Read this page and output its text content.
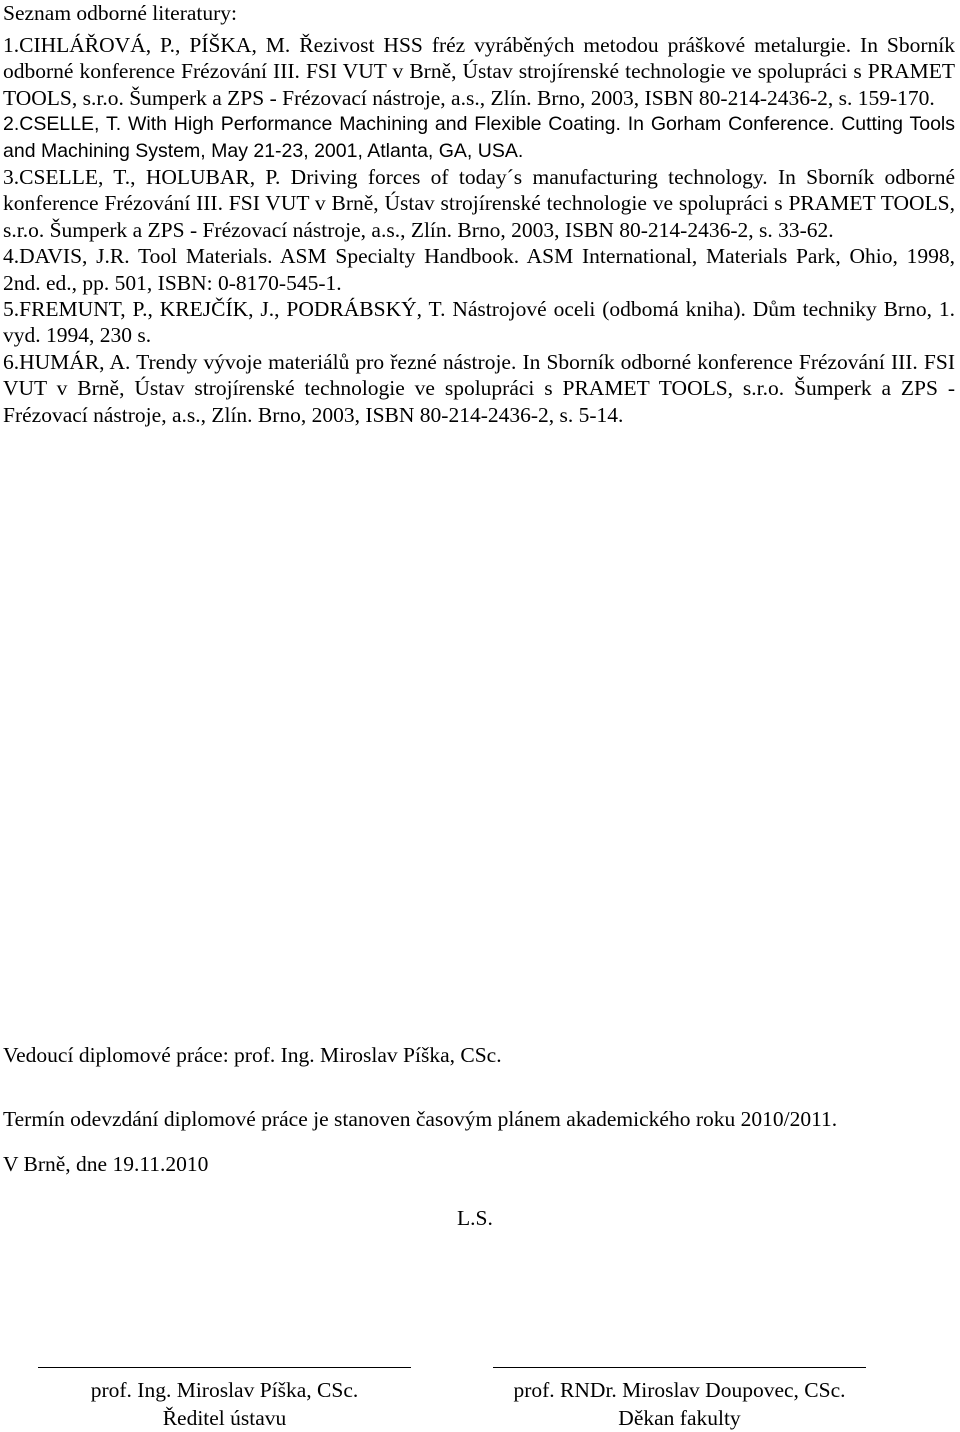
Seznam odborné literatury:
1.CIHLÁŘOVÁ, P., PÍŠKA, M. Řezivost HSS fréz vyráběných metodou práškové metalurgie. In Sborník odborné konference Frézování III. FSI VUT v Brně, Ústav strojírenské technologie ve spolupráci s PRAMET TOOLS, s.r.o. Šumperk a ZPS - Frézovací nástroje, a.s., Zlín. Brno, 2003, ISBN 80-214-2436-2, s. 159-170.
2.CSELLE, T. With High Performance Machining and Flexible Coating. In Gorham Conference. Cutting Tools and Machining System, May 21-23, 2001, Atlanta, GA, USA.
3.CSELLE, T., HOLUBAR, P. Driving forces of today´s manufacturing technology. In Sborník odborné konference Frézování III. FSI VUT v Brně, Ústav strojírenské technologie ve spolupráci s PRAMET TOOLS, s.r.o. Šumperk a ZPS - Frézovací nástroje, a.s., Zlín. Brno, 2003, ISBN 80-214-2436-2, s. 33-62.
4.DAVIS, J.R. Tool Materials. ASM Specialty Handbook. ASM International, Materials Park, Ohio, 1998, 2nd. ed., pp. 501, ISBN: 0-8170-545-1.
5.FREMUNT, P., KREJČÍK, J., PODRÁBSKÝ, T. Nástrojové oceli (odbomá kniha). Dům techniky Brno, 1. vyd. 1994, 230 s.
6.HUMÁR, A. Trendy vývoje materiálů pro řezné nástroje. In Sborník odborné konference Frézování III. FSI VUT v Brně, Ústav strojírenské technologie ve spolupráci s PRAMET TOOLS, s.r.o. Šumperk a ZPS - Frézovací nástroje, a.s., Zlín. Brno, 2003, ISBN 80-214-2436-2, s. 5-14.

Vedoucí diplomové práce: prof. Ing. Miroslav Píška, CSc.

Termín odevzdání diplomové práce je stanoven časovým plánem akademického roku 2010/2011.

V Brně, dne 19.11.2010

L.S.

prof. Ing. Miroslav Píška, CSc.
Ředitel ústavu
prof. RNDr. Miroslav Doupovec, CSc.
Děkan fakulty
